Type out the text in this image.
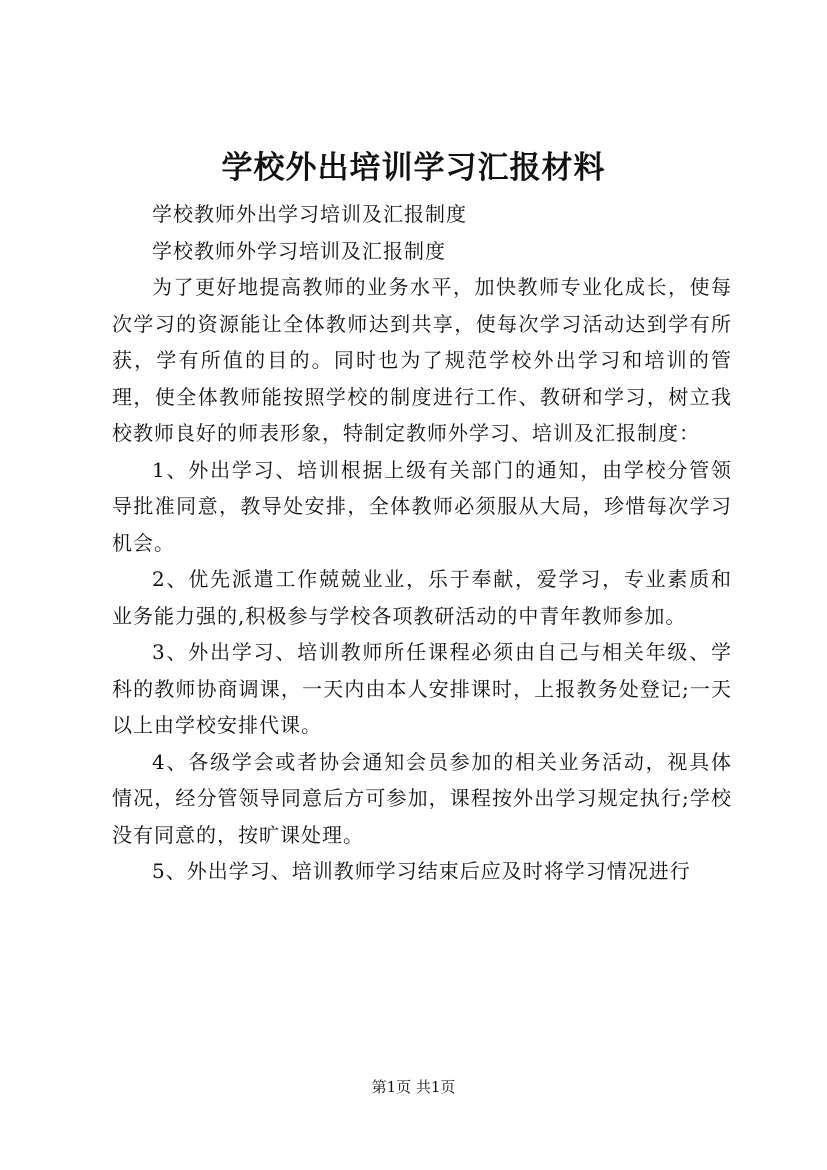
学校外出培训学习汇报材料

学校教师外出学习培训及汇报制度

学校教师外学习培训及汇报制度

为了更好地提高教师的业务水平，加快教师专业化成长，使每次学习的资源能让全体教师达到共享，使每次学习活动达到学有所获，学有所值的目的。同时也为了规范学校外出学习和培训的管理，使全体教师能按照学校的制度进行工作、教研和学习，树立我校教师良好的师表形象，特制定教师外学习、培训及汇报制度：

1、外出学习、培训根据上级有关部门的通知，由学校分管领导批准同意，教导处安排，全体教师必须服从大局，珍惜每次学习机会。

2、优先派遣工作兢兢业业，乐于奉献，爱学习，专业素质和业务能力强的,积极参与学校各项教研活动的中青年教师参加。

3、外出学习、培训教师所任课程必须由自己与相关年级、学科的教师协商调课，一天内由本人安排课时，上报教务处登记;一天以上由学校安排代课。

4、各级学会或者协会通知会员参加的相关业务活动，视具体情况，经分管领导同意后方可参加，课程按外出学习规定执行;学校没有同意的，按旷课处理。

5、外出学习、培训教师学习结束后应及时将学习情况进行

第1页 共1页
